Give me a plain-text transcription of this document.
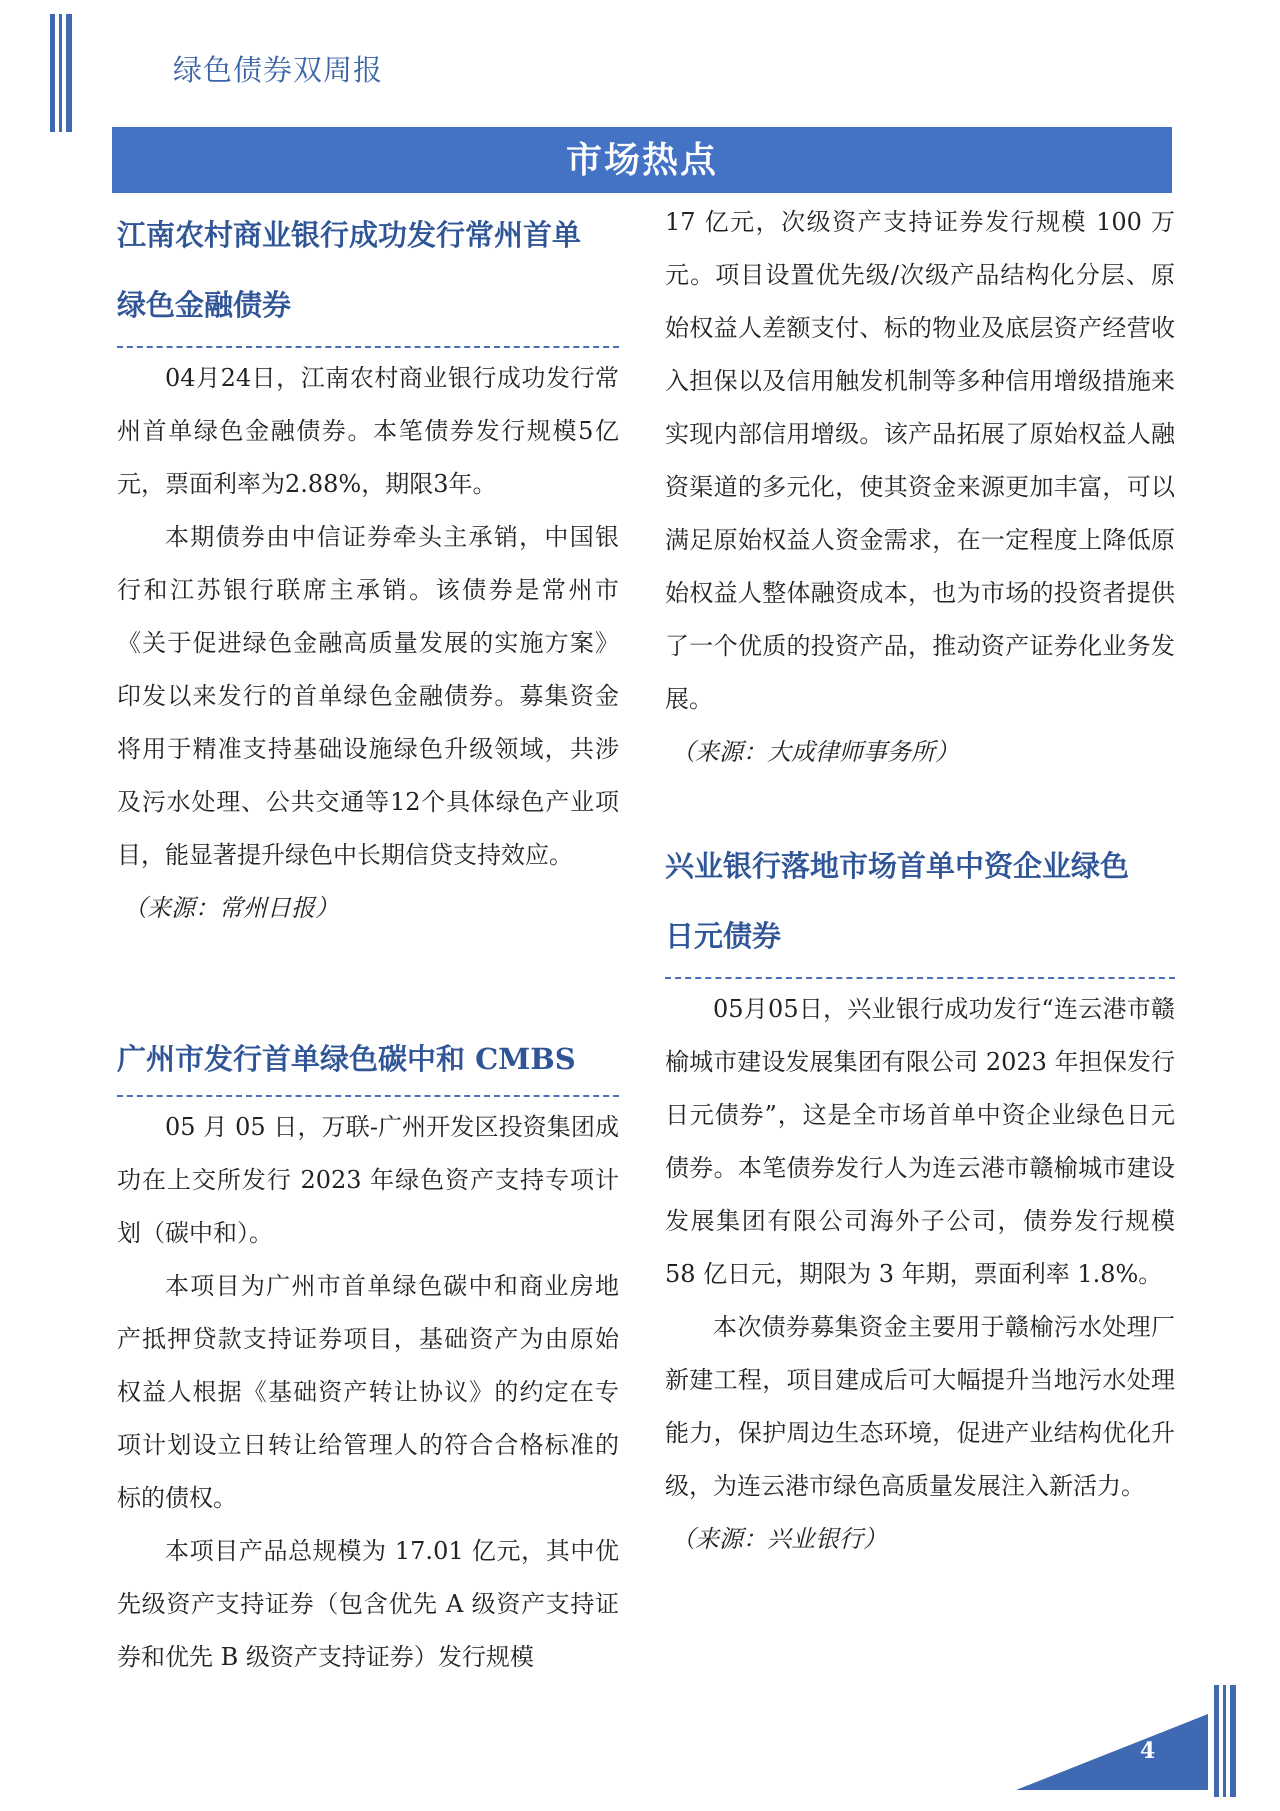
绿色债券双周报
市场热点
江南农村商业银行成功发行常州首单
绿色金融债券

04月24日，江南农村商业银行成功发行常州首单绿色金融债券。本笔债券发行规模5亿元，票面利率为2.88%，期限3年。

本期债券由中信证券牵头主承销，中国银行和江苏银行联席主承销。该债券是常州市《关于促进绿色金融高质量发展的实施方案》印发以来发行的首单绿色金融债券。募集资金将用于精准支持基础设施绿色升级领域，共涉及污水处理、公共交通等12个具体绿色产业项目，能显著提升绿色中长期信贷支持效应。

（来源：常州日报）

广州市发行首单绿色碳中和 CMBS

05 月 05 日，万联-广州开发区投资集团成功在上交所发行 2023 年绿色资产支持专项计划（碳中和）。

本项目为广州市首单绿色碳中和商业房地产抵押贷款支持证券项目，基础资产为由原始权益人根据《基础资产转让协议》的约定在专项计划设立日转让给管理人的符合合格标准的标的债权。

本项目产品总规模为 17.01 亿元，其中优先级资产支持证券（包含优先 A 级资产支持证券和优先 B 级资产支持证券）发行规模

17 亿元，次级资产支持证券发行规模 100 万元。项目设置优先级/次级产品结构化分层、原始权益人差额支付、标的物业及底层资产经营收入担保以及信用触发机制等多种信用增级措施来实现内部信用增级。该产品拓展了原始权益人融资渠道的多元化，使其资金来源更加丰富，可以满足原始权益人资金需求，在一定程度上降低原始权益人整体融资成本，也为市场的投资者提供了一个优质的投资产品，推动资产证券化业务发展。

（来源：大成律师事务所）

兴业银行落地市场首单中资企业绿色
日元债券

05月05日，兴业银行成功发行“连云港市赣榆城市建设发展集团有限公司 2023 年担保发行日元债券”，这是全市场首单中资企业绿色日元债券。本笔债券发行人为连云港市赣榆城市建设发展集团有限公司海外子公司，债券发行规模 58 亿日元，期限为 3 年期，票面利率 1.8%。

本次债券募集资金主要用于赣榆污水处理厂新建工程，项目建成后可大幅提升当地污水处理能力，保护周边生态环境，促进产业结构优化升级，为连云港市绿色高质量发展注入新活力。

（来源：兴业银行）

4
